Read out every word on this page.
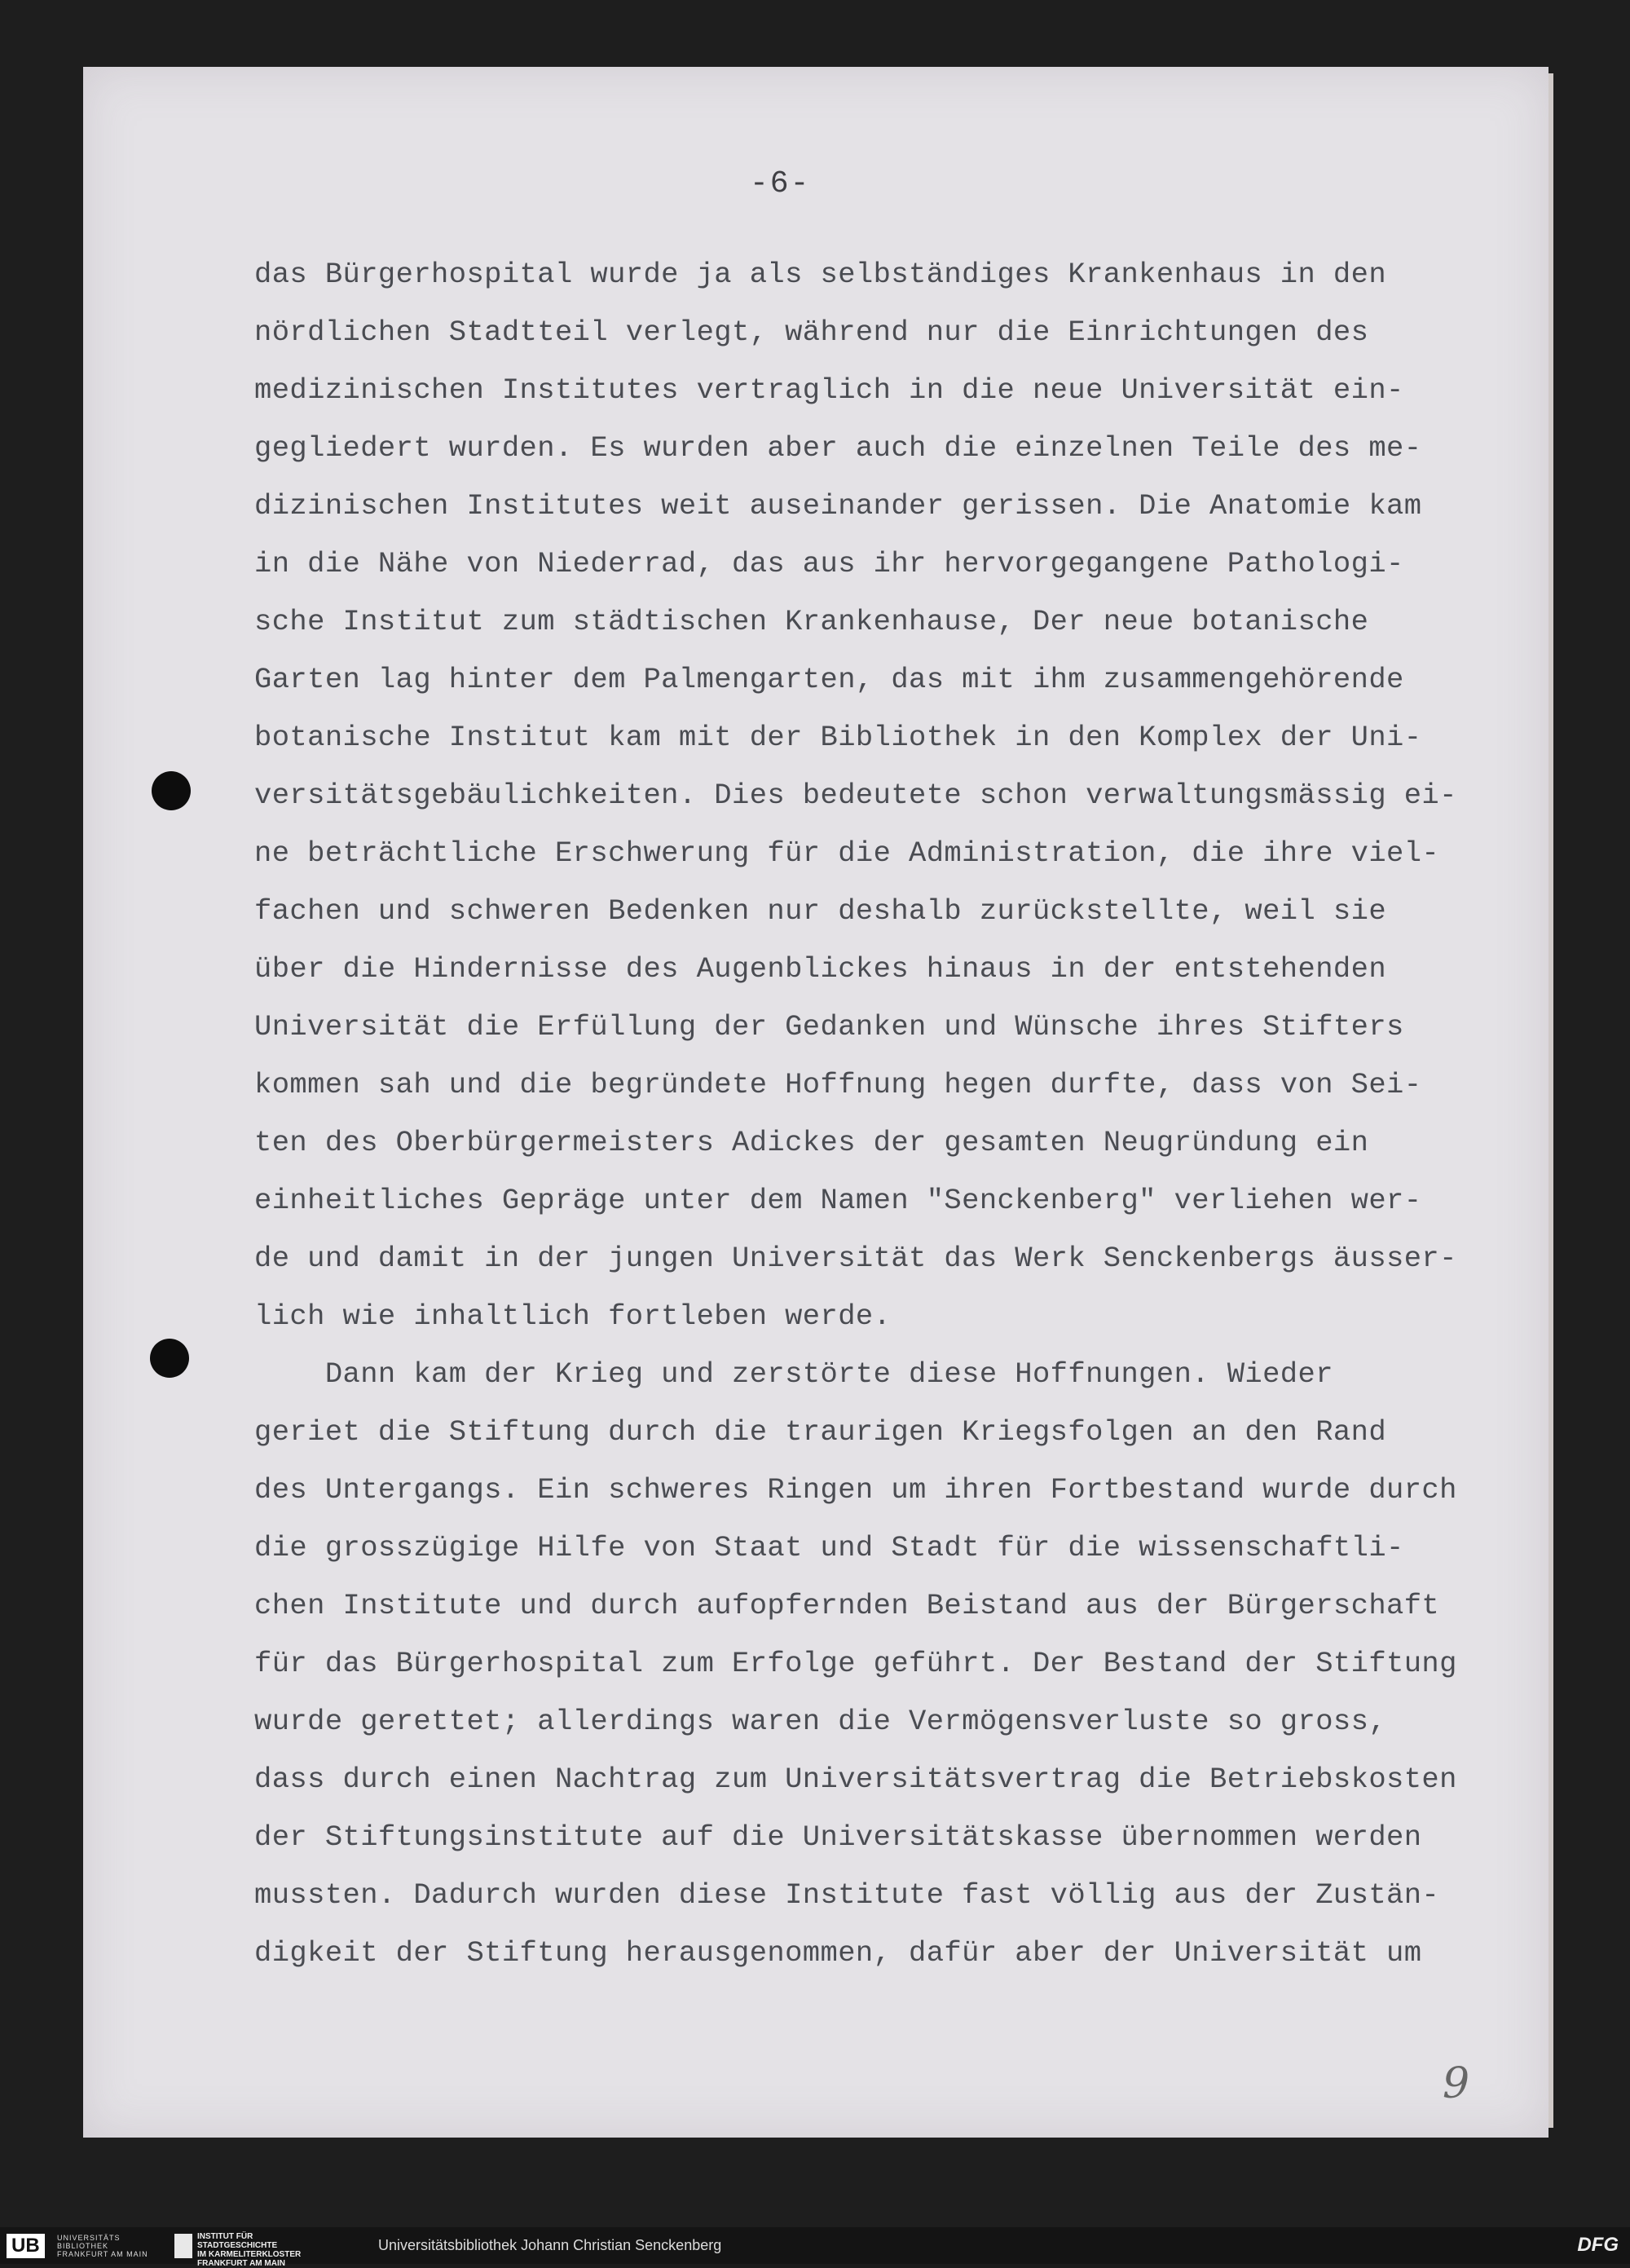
-6-
das Bürgerhospital wurde ja als selbständiges Krankenhaus in den
nördlichen Stadtteil verlegt, während nur die Einrichtungen des
medizinischen Institutes vertraglich in die neue Universität ein-
gegliedert wurden. Es wurden aber auch die einzelnen Teile des me-
dizinischen Institutes weit auseinander gerissen. Die Anatomie kam
in die Nähe von Niederrad, das aus ihr hervorgegangene Pathologi-
sche Institut zum städtischen Krankenhause, Der neue botanische
Garten lag hinter dem Palmengarten, das mit ihm zusammengehörende
botanische Institut kam mit der Bibliothek in den Komplex der Uni-
versitätsgebäulichkeiten. Dies bedeutete schon verwaltungsmässig ei-
ne beträchtliche Erschwerung für die Administration, die ihre viel-
fachen und schweren Bedenken nur deshalb zurückstellte, weil sie
über die Hindernisse des Augenblickes hinaus in der entstehenden
Universität die Erfüllung der Gedanken und Wünsche ihres Stifters
kommen sah und die begründete Hoffnung hegen durfte, dass von Sei-
ten des Oberbürgermeisters Adickes der gesamten Neugründung ein
einheitliches Gepräge unter dem Namen "Senckenberg" verliehen wer-
de und damit in der jungen Universität das Werk Senckenbergs äusser-
lich wie inhaltlich fortleben werde.
Dann kam der Krieg und zerstörte diese Hoffnungen. Wieder
geriet die Stiftung durch die traurigen Kriegsfolgen an den Rand
des Untergangs. Ein schweres Ringen um ihren Fortbestand wurde durch
die grosszügige Hilfe von Staat und Stadt für die wissenschaftli-
chen Institute und durch aufopfernden Beistand aus der Bürgerschaft
für das Bürgerhospital zum Erfolge geführt. Der Bestand der Stiftung
wurde gerettet; allerdings waren die Vermögensverluste so gross,
dass durch einen Nachtrag zum Universitätsvertrag die Betriebskosten
der Stiftungsinstitute auf die Universitätskasse übernommen werden
mussten. Dadurch wurden diese Institute fast völlig aus der Zustän-
digkeit der Stiftung herausgenommen, dafür aber der Universität um
9
UB	UNIVERSITÄTS
BIBLIOTHEK
FRANKFURT AM MAIN
INSTITUT FÜR
STADTGESCHICHTE
IM KARMELITERKLOSTER
FRANKFURT AM MAIN
Universitätsbibliothek Johann Christian Senckenberg	DFG
